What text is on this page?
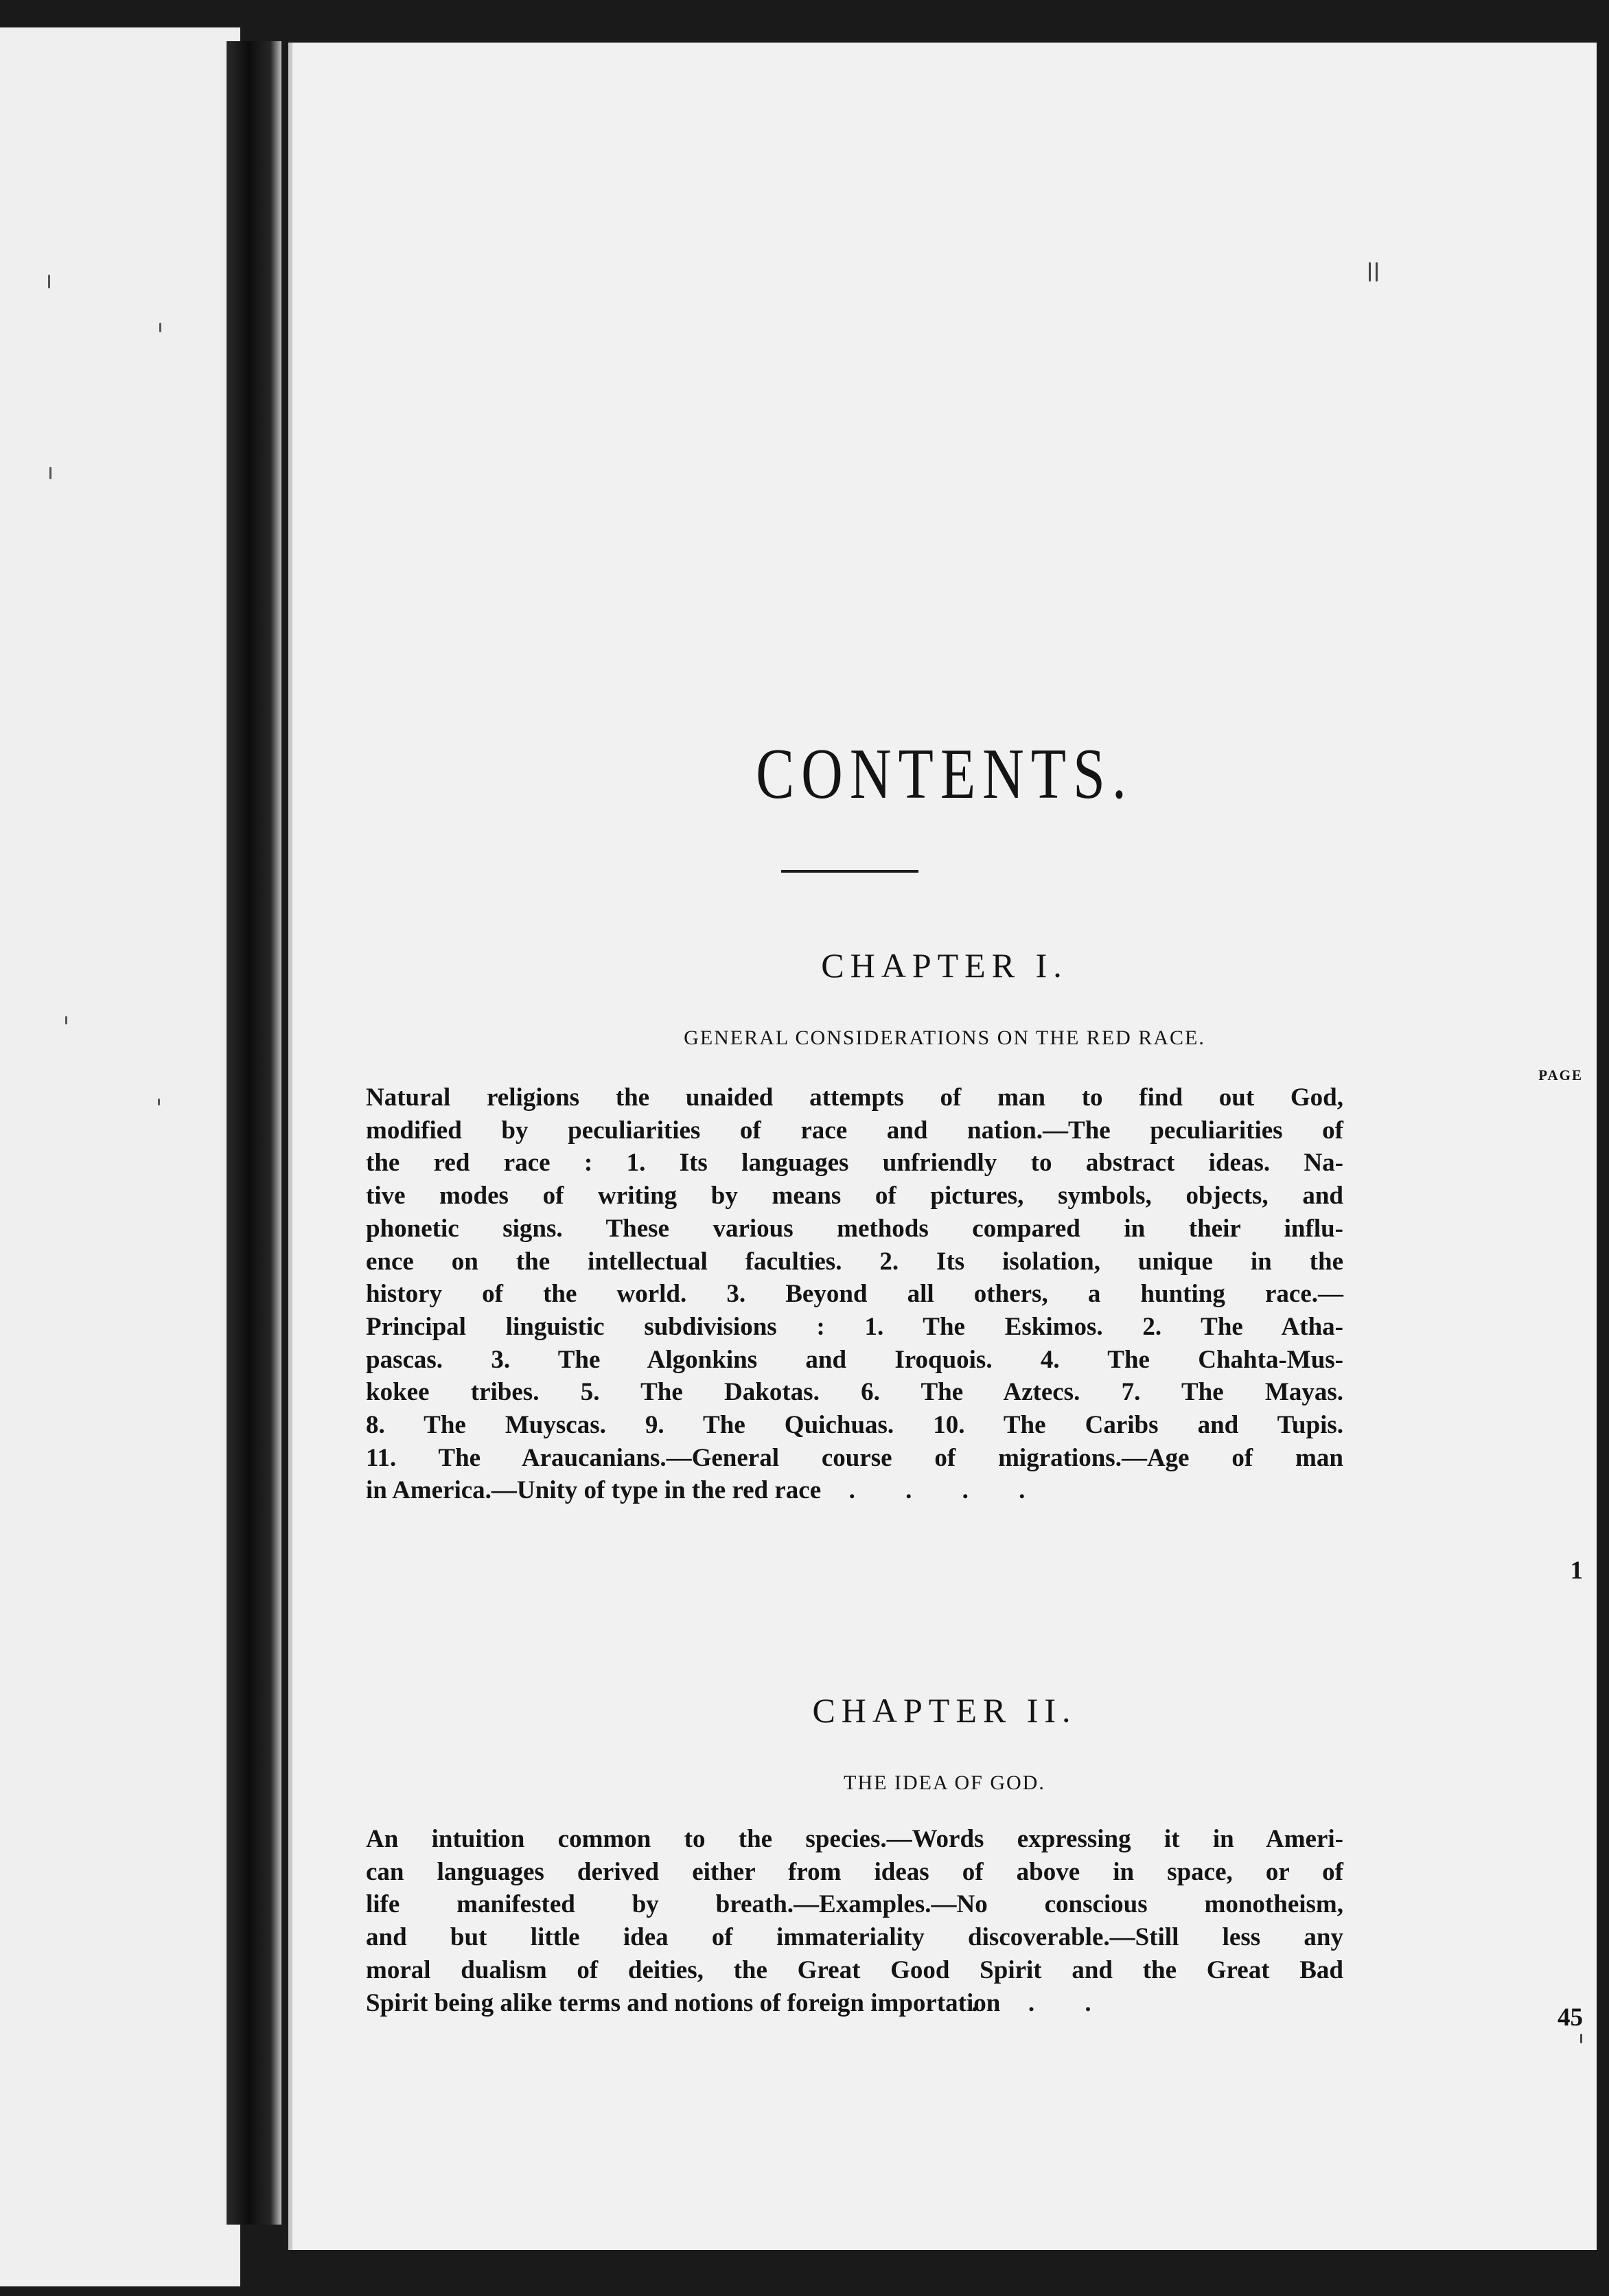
CONTENTS.
CHAPTER I.
GENERAL CONSIDERATIONS ON THE RED RACE.
PAGE
Natural religions the unaided attempts of man to find out God,
modified by peculiarities of race and nation.—The peculiarities of
the red race : 1. Its languages unfriendly to abstract ideas. Na-
tive modes of writing by means of pictures, symbols, objects, and
phonetic signs. These various methods compared in their influ-
ence on the intellectual faculties. 2. Its isolation, unique in the
history of the world. 3. Beyond all others, a hunting race.—
Principal linguistic subdivisions : 1. The Eskimos. 2. The Atha-
pascas. 3. The Algonkins and Iroquois. 4. The Chahta-Mus-
kokee tribes. 5. The Dakotas. 6. The Aztecs. 7. The Mayas.
8. The Muyscas. 9. The Quichuas. 10. The Caribs and Tupis.
11. The Araucanians.—General course of migrations.—Age of man
in America.—Unity of type in the red race
. . . . .
1
CHAPTER II.
THE IDEA OF GOD.
An intuition common to the species.—Words expressing it in Ameri-
can languages derived either from ideas of above in space, or of
life manifested by breath.—Examples.—No conscious monotheism,
and but little idea of immateriality discoverable.—Still less any
moral dualism of deities, the Great Good Spirit and the Great Bad
Spirit being alike terms and notions of foreign importation
. . .
45
